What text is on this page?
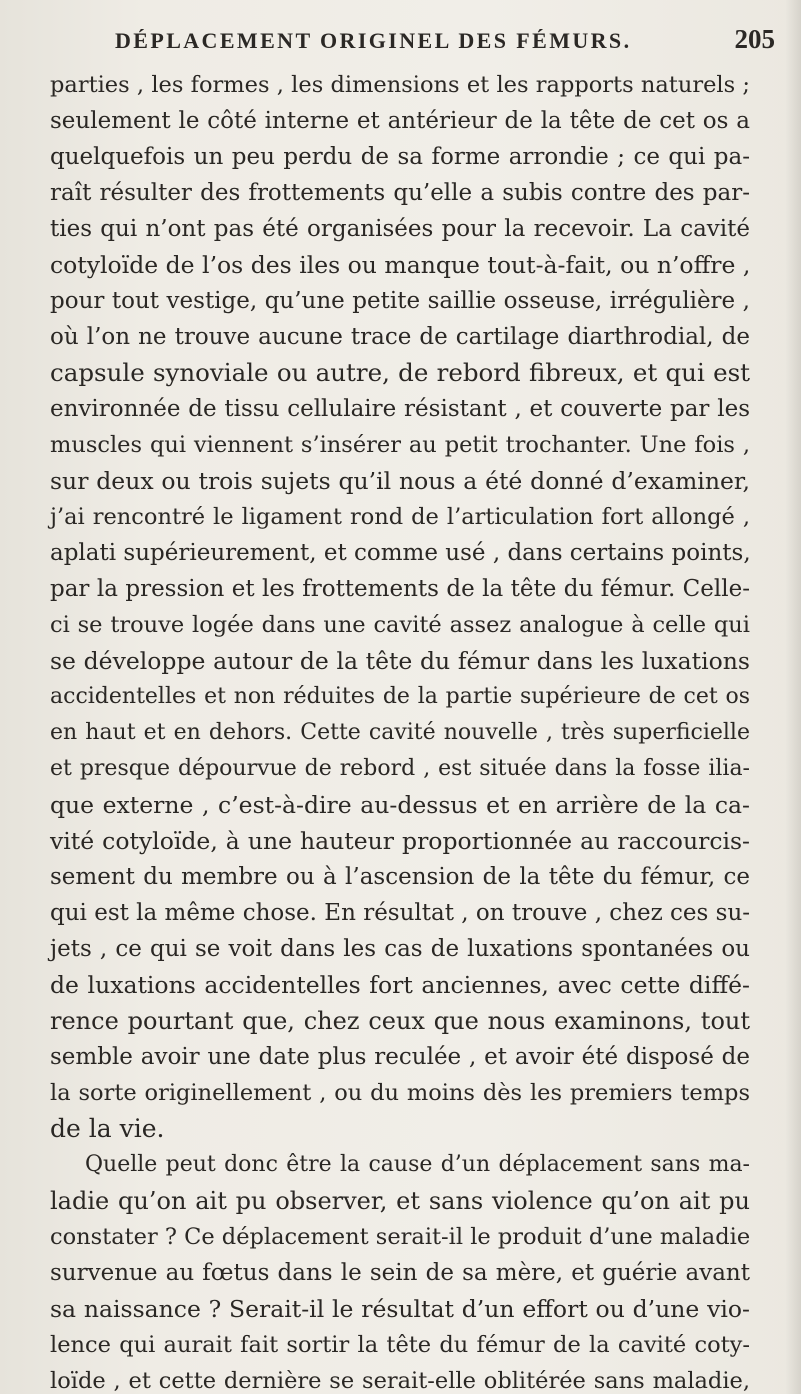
DÉPLACEMENT ORIGINEL DES FÉMURS.	205
parties , les formes , les dimensions et les rapports naturels ;
seulement le côté interne et antérieur de la tête de cet os a
quelquefois un peu perdu de sa forme arrondie ; ce qui pa-
raît résulter des frottements qu’elle a subis contre des par-
ties qui n’ont pas été organisées pour la recevoir. La cavité
cotyloïde de l’os des iles ou manque tout-à-fait, ou n’offre ,
pour tout vestige, qu’une petite saillie osseuse, irrégulière ,
où l’on ne trouve aucune trace de cartilage diarthrodial, de
capsule synoviale ou autre, de rebord fibreux, et qui est
environnée de tissu cellulaire résistant , et couverte par les
muscles qui viennent s’insérer au petit trochanter. Une fois ,
sur deux ou trois sujets qu’il nous a été donné d’examiner,
j’ai rencontré le ligament rond de l’articulation fort allongé ,
aplati supérieurement, et comme usé , dans certains points,
par la pression et les frottements de la tête du fémur. Celle-
ci se trouve logée dans une cavité assez analogue à celle qui
se développe autour de la tête du fémur dans les luxations
accidentelles et non réduites de la partie supérieure de cet os
en haut et en dehors. Cette cavité nouvelle , très superficielle
et presque dépourvue de rebord , est située dans la fosse ilia-
que externe , c’est-à-dire au-dessus et en arrière de la ca-
vité cotyloïde, à une hauteur proportionnée au raccourcis-
sement du membre ou à l’ascension de la tête du fémur, ce
qui est la même chose. En résultat , on trouve , chez ces su-
jets , ce qui se voit dans les cas de luxations spontanées ou
de luxations accidentelles fort anciennes, avec cette diffé-
rence pourtant que, chez ceux que nous examinons, tout
semble avoir une date plus reculée , et avoir été disposé de
la sorte originellement , ou du moins dès les premiers temps
de la vie.
Quelle peut donc être la cause d’un déplacement sans ma-
ladie qu’on ait pu observer, et sans violence qu’on ait pu
constater ? Ce déplacement serait-il le produit d’une maladie
survenue au fœtus dans le sein de sa mère, et guérie avant
sa naissance ? Serait-il le résultat d’un effort ou d’une vio-
lence qui aurait fait sortir la tête du fémur de la cavité coty-
loïde , et cette dernière se serait-elle oblitérée sans maladie,
